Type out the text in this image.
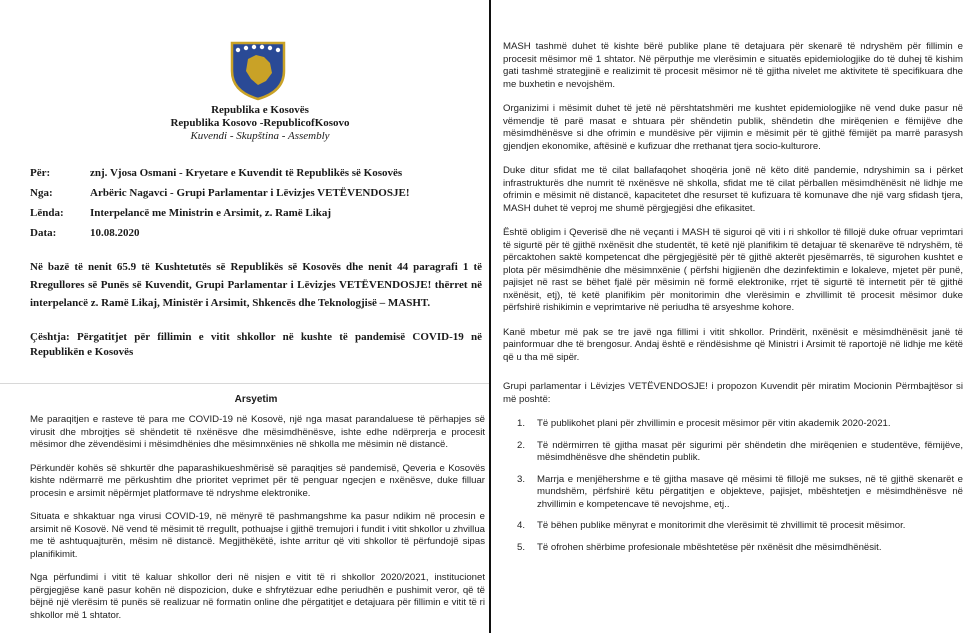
Republika e Kosovës
Republika Kosovo -RepublicofKosovo
Kuvendi - Skupština - Assembly
Për:	znj. Vjosa Osmani - Kryetare e Kuvendit të Republikës së Kosovës
Nga:	Arbëric Nagavci - Grupi Parlamentar i Lëvizjes VETËVENDOSJE!
Lënda:	Interpelancë me Ministrin e Arsimit, z. Ramë Likaj
Data:	10.08.2020

Në bazë të nenit 65.9 të Kushtetutës së Republikës së Kosovës dhe nenit 44 paragrafi 1 të Rregullores së Punës së Kuvendit, Grupi Parlamentar i Lëvizjes VETËVENDOSJE! thërret në interpelancë z. Ramë Likaj, Ministër i Arsimit, Shkencës dhe Teknologjisë – MASHT.

Çështja: Përgatitjet për fillimin e vitit shkollor në kushte të pandemisë COVID-19 në Republikën e Kosovës

Arsyetim

Me paraqitjen e rasteve të para me COVID-19 në Kosovë, një nga masat parandaluese të përhapjes së virusit dhe mbrojtjes së shëndetit të nxënësve dhe mësimdhënësve, ishte edhe ndërprerja e procesit mësimor dhe zëvendësimi i mësimdhënies dhe mësimnxënies në shkolla me mësimin në distancë.

Përkundër kohës së shkurtër dhe paparashikueshmërisë së paraqitjes së pandemisë, Qeveria e Kosovës kishte ndërmarrë me përkushtim dhe prioritet veprimet për të penguar ngecjen e nxënësve, duke filluar procesin e arsimit nëpërmjet platformave të ndryshme elektronike.

Situata e shkaktuar nga virusi COVID-19, në mënyrë të pashmangshme ka pasur ndikim në procesin e arsimit në Kosovë. Në vend të mësimit të rregullt, pothuajse i gjithë tremujori i fundit i vitit shkollor u zhvillua me të ashtuquajturën, mësim në distancë. Megjithëkëtë, ishte arritur që viti shkollor të përfundojë sipas planifikimit.

Nga përfundimi i vitit të kaluar shkollor deri në nisjen e vitit të ri shkollor 2020/2021, institucionet përgjegjëse kanë pasur kohën në dispozicion, duke e shfrytëzuar edhe periudhën e pushimit veror, që të bëjnë një vlerësim të punës së realizuar në formatin online dhe përgatitjet e detajuara për fillimin e vitit të ri shkollor më 1 shtator.

MASH tashmë duhet të kishte bërë publike plane të detajuara për skenarë të ndryshëm për fillimin e procesit mësimor më 1 shtator. Në përputhje me vlerësimin e situatës epidemiologjike do të duhej të kishim gati tashmë strategjinë e realizimit të procesit mësimor në të gjitha nivelet me aktivitete të specifikuara dhe me buxhetin e nevojshëm.

Organizimi i mësimit duhet të jetë në përshtatshmëri me kushtet epidemiologjike në vend duke pasur në vëmendje të parë masat e shtuara për shëndetin publik, shëndetin dhe mirëqenien e fëmijëve dhe mësimdhënësve si dhe ofrimin e mundësive për vijimin e mësimit për të gjithë fëmijët pa marrë parasysh gjendjen ekonomike, aftësinë e kufizuar dhe rrethanat tjera socio-kulturore.

Duke ditur sfidat me të cilat ballafaqohet shoqëria jonë në këto ditë pandemie, ndryshimin sa i përket infrastrukturës dhe numrit të nxënësve në shkolla, sfidat me të cilat përballen mësimdhënësit në lidhje me ofrimin e mësimit në distancë, kapacitetet dhe resurset të kufizuara të komunave dhe një varg sfidash tjera, MASH duhet të veproj me shumë përgjegjësi dhe efikasitet.

Është obligim i Qeverisë dhe në veçanti i MASH të siguroi që viti i ri shkollor të fillojë duke ofruar veprimtari të sigurtë për të gjithë nxënësit dhe studentët, të ketë një planifikim të detajuar të skenarëve të ndryshëm, të përcaktohen saktë kompetencat dhe përgjegjësitë për të gjithë akterët pjesëmarrës, të sigurohen kushtet e plota për mësimdhënie dhe mësimnxënie ( përfshi higjienën dhe dezinfektimin e lokaleve, mjetet për punë, pajisjet në rast se bëhet fjalë për mësimin në formë elektronike, rrjet të sigurtë të internetit për të gjithë nxënësit, etj), të ketë planifikim për monitorimin dhe vlerësimin e zhvillimit të procesit mësimor duke përfshirë rishikimin e veprimtarive në periudha të arsyeshme kohore.

Kanë mbetur më pak se tre javë nga fillimi i vitit shkollor. Prindërit, nxënësit e mësimdhënësit janë të painformuar dhe të brengosur. Andaj është e rëndësishme që Ministri i Arsimit të raportojë në lidhje me këtë që u tha më sipër.

Grupi parlamentar i Lëvizjes VETËVENDOSJE! i propozon Kuvendit për miratim Mocionin Përmbajtësor si më poshtë:

1.	Të publikohet plani për zhvillimin e procesit mësimor për vitin akademik 2020-2021.
2.	Të ndërmirren të gjitha masat për sigurimi për shëndetin dhe mirëqenien e studentëve, fëmijëve, mësimdhënësve dhe shëndetin publik.
3.	Marrja e menjëhershme e të gjitha masave që mësimi të fillojë me sukses, në të gjithë skenarët e mundshëm, përfshirë këtu përgatitjen e objekteve, pajisjet, mbështetjen e mësimdhënësve në zhvillimin e kompetencave të nevojshme, etj..
4.	Të bëhen publike mënyrat e monitorimit dhe vlerësimit të zhvillimit të procesit mësimor.
5.	Të ofrohen shërbime profesionale mbështetëse për nxënësit dhe mësimdhënësit.
